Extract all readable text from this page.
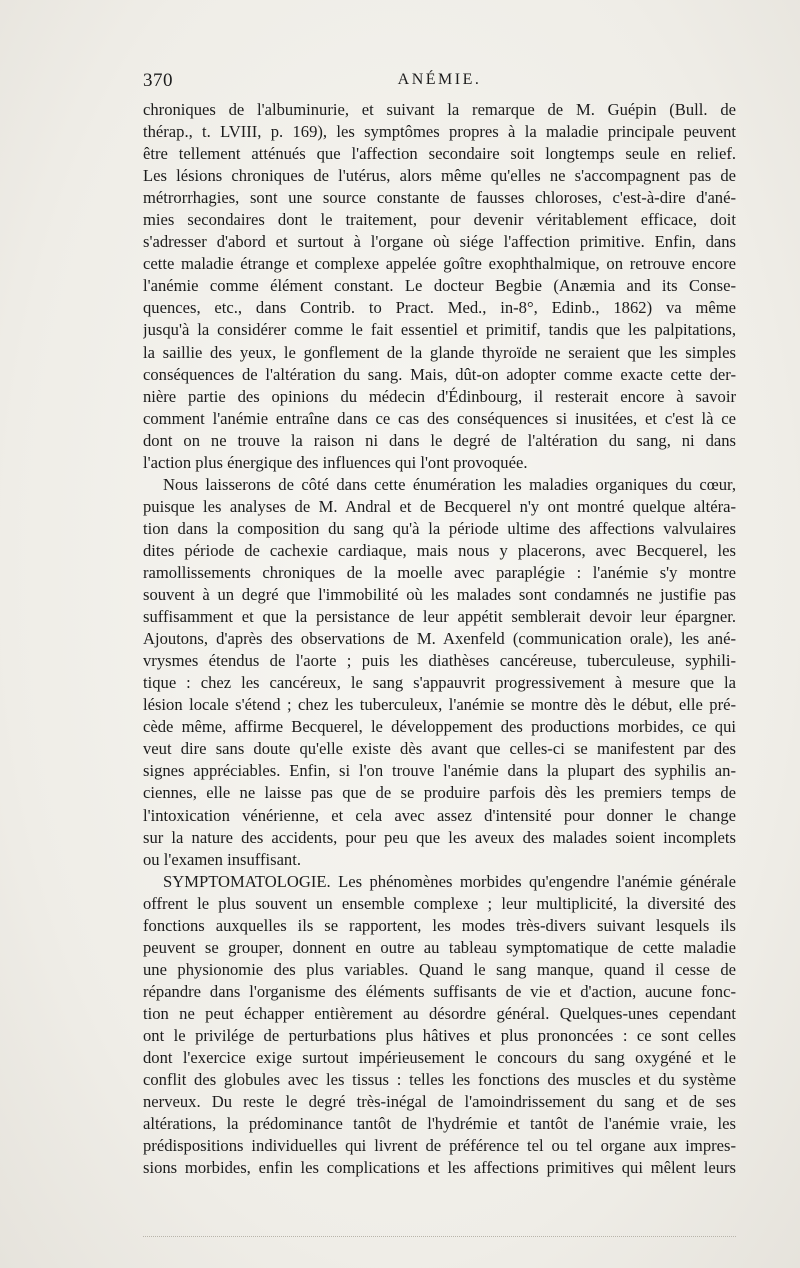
370	ANÉMIE.
chroniques de l'albuminurie, et suivant la remarque de M. Guépin (Bull. de
thérap., t. LVIII, p. 169), les symptômes propres à la maladie principale peuvent
être tellement atténués que l'affection secondaire soit longtemps seule en relief.
Les lésions chroniques de l'utérus, alors même qu'elles ne s'accompagnent pas de
métrorrhagies, sont une source constante de fausses chloroses, c'est-à-dire d'ané-
mies secondaires dont le traitement, pour devenir véritablement efficace, doit
s'adresser d'abord et surtout à l'organe où siége l'affection primitive. Enfin, dans
cette maladie étrange et complexe appelée goître exophthalmique, on retrouve encore
l'anémie comme élément constant. Le docteur Begbie (Anæmia and its Conse-
quences, etc., dans Contrib. to Pract. Med., in-8°, Edinb., 1862) va même
jusqu'à la considérer comme le fait essentiel et primitif, tandis que les palpitations,
la saillie des yeux, le gonflement de la glande thyroïde ne seraient que les simples
conséquences de l'altération du sang. Mais, dût-on adopter comme exacte cette der-
nière partie des opinions du médecin d'Édinbourg, il resterait encore à savoir
comment l'anémie entraîne dans ce cas des conséquences si inusitées, et c'est là ce
dont on ne trouve la raison ni dans le degré de l'altération du sang, ni dans
l'action plus énergique des influences qui l'ont provoquée.
Nous laisserons de côté dans cette énumération les maladies organiques du cœur,
puisque les analyses de M. Andral et de Becquerel n'y ont montré quelque altéra-
tion dans la composition du sang qu'à la période ultime des affections valvulaires
dites période de cachexie cardiaque, mais nous y placerons, avec Becquerel, les
ramollissements chroniques de la moelle avec paraplégie : l'anémie s'y montre
souvent à un degré que l'immobilité où les malades sont condamnés ne justifie pas
suffisamment et que la persistance de leur appétit semblerait devoir leur épargner.
Ajoutons, d'après des observations de M. Axenfeld (communication orale), les ané-
vrysmes étendus de l'aorte ; puis les diathèses cancéreuse, tuberculeuse, syphili-
tique : chez les cancéreux, le sang s'appauvrit progressivement à mesure que la
lésion locale s'étend ; chez les tuberculeux, l'anémie se montre dès le début, elle pré-
cède même, affirme Becquerel, le développement des productions morbides, ce qui
veut dire sans doute qu'elle existe dès avant que celles-ci se manifestent par des
signes appréciables. Enfin, si l'on trouve l'anémie dans la plupart des syphilis an-
ciennes, elle ne laisse pas que de se produire parfois dès les premiers temps de
l'intoxication vénérienne, et cela avec assez d'intensité pour donner le change
sur la nature des accidents, pour peu que les aveux des malades soient incomplets
ou l'examen insuffisant.
SYMPTOMATOLOGIE. Les phénomènes morbides qu'engendre l'anémie générale
offrent le plus souvent un ensemble complexe ; leur multiplicité, la diversité des
fonctions auxquelles ils se rapportent, les modes très-divers suivant lesquels ils
peuvent se grouper, donnent en outre au tableau symptomatique de cette maladie
une physionomie des plus variables. Quand le sang manque, quand il cesse de
répandre dans l'organisme des éléments suffisants de vie et d'action, aucune fonc-
tion ne peut échapper entièrement au désordre général. Quelques-unes cependant
ont le privilége de perturbations plus hâtives et plus prononcées : ce sont celles
dont l'exercice exige surtout impérieusement le concours du sang oxygéné et le
conflit des globules avec les tissus : telles les fonctions des muscles et du système
nerveux. Du reste le degré très-inégal de l'amoindrissement du sang et de ses
altérations, la prédominance tantôt de l'hydrémie et tantôt de l'anémie vraie, les
prédispositions individuelles qui livrent de préférence tel ou tel organe aux impres-
sions morbides, enfin les complications et les affections primitives qui mêlent leurs
